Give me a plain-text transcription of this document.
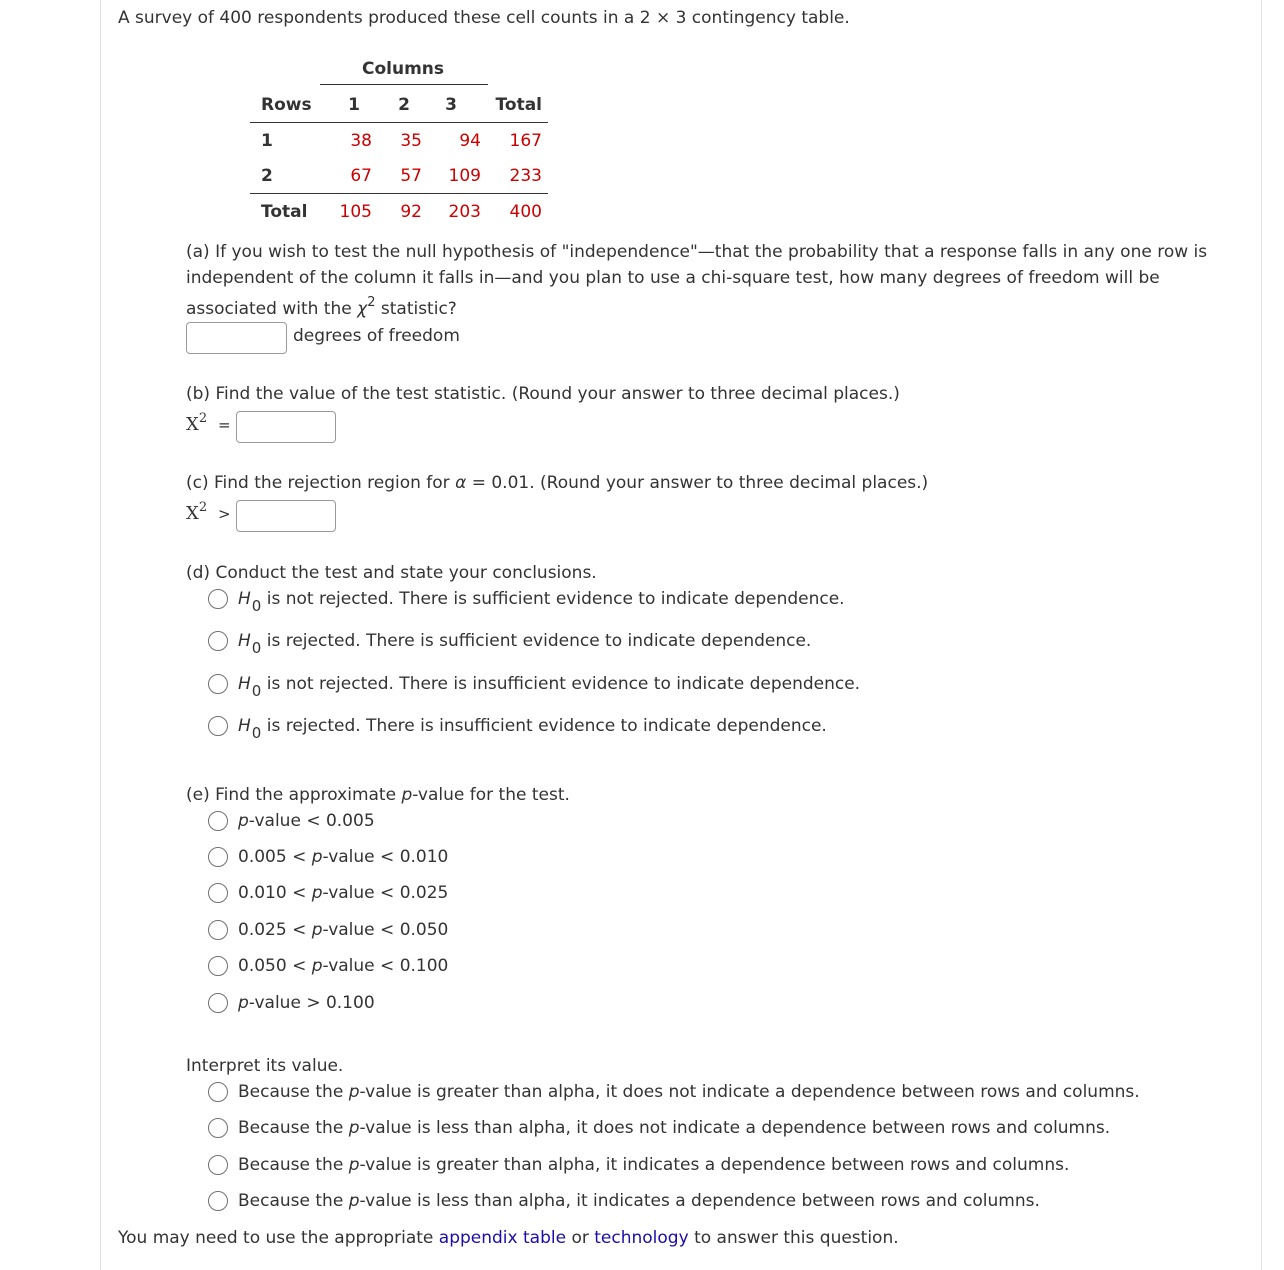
A survey of 400 respondents produced these cell counts in a 2 × 3 contingency table.
Columns
Rows	1	2	3	Total
1	38	35	94	167
2	67	57	109	233
Total	105	92	203	400
(a) If you wish to test the null hypothesis of "independence"—that the probability that a response falls in any one row is
independent of the column it falls in—and you plan to use a chi-square test, how many degrees of freedom will be
associated with the $\chi^2$ statistic?
degrees of freedom
(b) Find the value of the test statistic. (Round your answer to three decimal places.)
$X^2$ =
(c) Find the rejection region for α = 0.01. (Round your answer to three decimal places.)
$X^2$ >
(d) Conduct the test and state your conclusions.
H0 is not rejected. There is sufficient evidence to indicate dependence.
H0 is rejected. There is sufficient evidence to indicate dependence.
H0 is not rejected. There is insufficient evidence to indicate dependence.
H0 is rejected. There is insufficient evidence to indicate dependence.
(e) Find the approximate p-value for the test.
p-value < 0.005
0.005 < p-value < 0.010
0.010 < p-value < 0.025
0.025 < p-value < 0.050
0.050 < p-value < 0.100
p-value > 0.100
Interpret its value.
Because the p-value is greater than alpha, it does not indicate a dependence between rows and columns.
Because the p-value is less than alpha, it does not indicate a dependence between rows and columns.
Because the p-value is greater than alpha, it indicates a dependence between rows and columns.
Because the p-value is less than alpha, it indicates a dependence between rows and columns.
You may need to use the appropriate appendix table or technology to answer this question.
